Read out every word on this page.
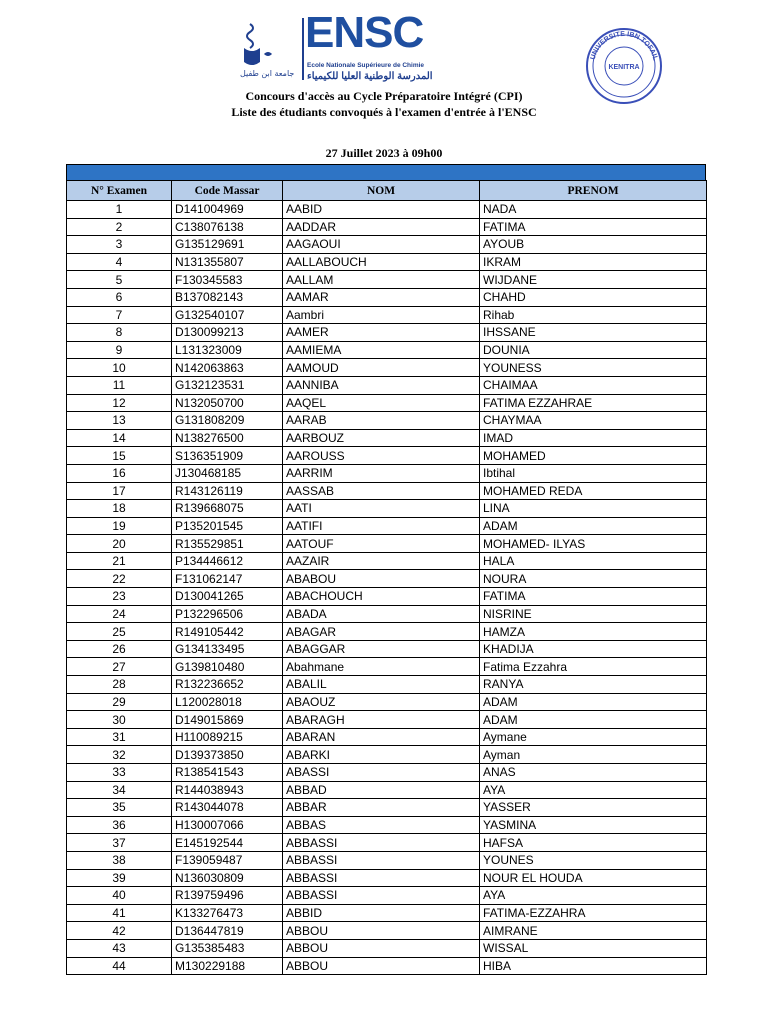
جامعة ابن طفيل
ENSC
Ecole Nationale Supérieure de Chimie
المدرسة الوطنية العليا للكيمياء
UNIVERSITE IBN TOFAIL
KENITRA
Concours d'accès au Cycle Préparatoire Intégré (CPI)
Liste des étudiants convoqués à l'examen d'entrée à l'ENSC
27 Juillet 2023 à 09h00
N° Examen	Code Massar	NOM	PRENOM
1	D141004969	AABID	NADA
2	C138076138	AADDAR	FATIMA
3	G135129691	AAGAOUI	AYOUB
4	N131355807	AALLABOUCH	IKRAM
5	F130345583	AALLAM	WIJDANE
6	B137082143	AAMAR	CHAHD
7	G132540107	Aambri	Rihab
8	D130099213	AAMER	IHSSANE
9	L131323009	AAMIEMA	DOUNIA
10	N142063863	AAMOUD	YOUNESS
11	G132123531	AANNIBA	CHAIMAA
12	N132050700	AAQEL	FATIMA EZZAHRAE
13	G131808209	AARAB	CHAYMAA
14	N138276500	AARBOUZ	IMAD
15	S136351909	AAROUSS	MOHAMED
16	J130468185	AARRIM	Ibtihal
17	R143126119	AASSAB	MOHAMED REDA
18	R139668075	AATI	LINA
19	P135201545	AATIFI	ADAM
20	R135529851	AATOUF	MOHAMED- ILYAS
21	P134446612	AAZAIR	HALA
22	F131062147	ABABOU	NOURA
23	D130041265	ABACHOUCH	FATIMA
24	P132296506	ABADA	NISRINE
25	R149105442	ABAGAR	HAMZA
26	G134133495	ABAGGAR	KHADIJA
27	G139810480	Abahmane	Fatima Ezzahra
28	R132236652	ABALIL	RANYA
29	L120028018	ABAOUZ	ADAM
30	D149015869	ABARAGH	ADAM
31	H110089215	ABARAN	Aymane
32	D139373850	ABARKI	Ayman
33	R138541543	ABASSI	ANAS
34	R144038943	ABBAD	AYA
35	R143044078	ABBAR	YASSER
36	H130007066	ABBAS	YASMINA
37	E145192544	ABBASSI	HAFSA
38	F139059487	ABBASSI	YOUNES
39	N136030809	ABBASSI	NOUR EL HOUDA
40	R139759496	ABBASSI	AYA
41	K133276473	ABBID	FATIMA-EZZAHRA
42	D136447819	ABBOU	AIMRANE
43	G135385483	ABBOU	WISSAL
44	M130229188	ABBOU	HIBA
